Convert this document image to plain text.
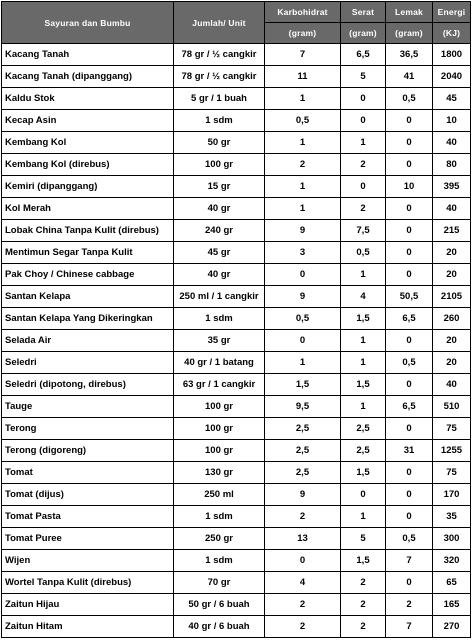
Sayuran dan Bumbu	Jumlah/ Unit	Karbohidrat	Serat	Lemak	Energi
		(gram)	(gram)	(gram)	(KJ)
Kacang Tanah	78 gr / ½ cangkir	7	6,5	36,5	1800
Kacang Tanah (dipanggang)	78 gr / ½ cangkir	11	5	41	2040
Kaldu Stok	5 gr / 1 buah	1	0	0,5	45
Kecap Asin	1 sdm	0,5	0	0	10
Kembang Kol	50 gr	1	1	0	40
Kembang Kol (direbus)	100 gr	2	2	0	80
Kemiri (dipanggang)	15 gr	1	0	10	395
Kol Merah	40 gr	1	2	0	40
Lobak China Tanpa Kulit (direbus)	240 gr	9	7,5	0	215
Mentimun Segar Tanpa Kulit	45 gr	3	0,5	0	20
Pak Choy / Chinese cabbage	40 gr	0	1	0	20
Santan Kelapa	250 ml / 1 cangkir	9	4	50,5	2105
Santan Kelapa Yang Dikeringkan	1 sdm	0,5	1,5	6,5	260
Selada Air	35 gr	0	1	0	20
Seledri	40 gr / 1 batang	1	1	0,5	20
Seledri (dipotong, direbus)	63 gr / 1 cangkir	1,5	1,5	0	40
Tauge	100 gr	9,5	1	6,5	510
Terong	100 gr	2,5	2,5	0	75
Terong (digoreng)	100 gr	2,5	2,5	31	1255
Tomat	130 gr	2,5	1,5	0	75
Tomat (dijus)	250 ml	9	0	0	170
Tomat Pasta	1 sdm	2	1	0	35
Tomat Puree	250 gr	13	5	0,5	300
Wijen	1 sdm	0	1,5	7	320
Wortel Tanpa Kulit (direbus)	70 gr	4	2	0	65
Zaitun Hijau	50 gr / 6 buah	2	2	2	165
Zaitun Hitam	40 gr / 6 buah	2	2	7	270
